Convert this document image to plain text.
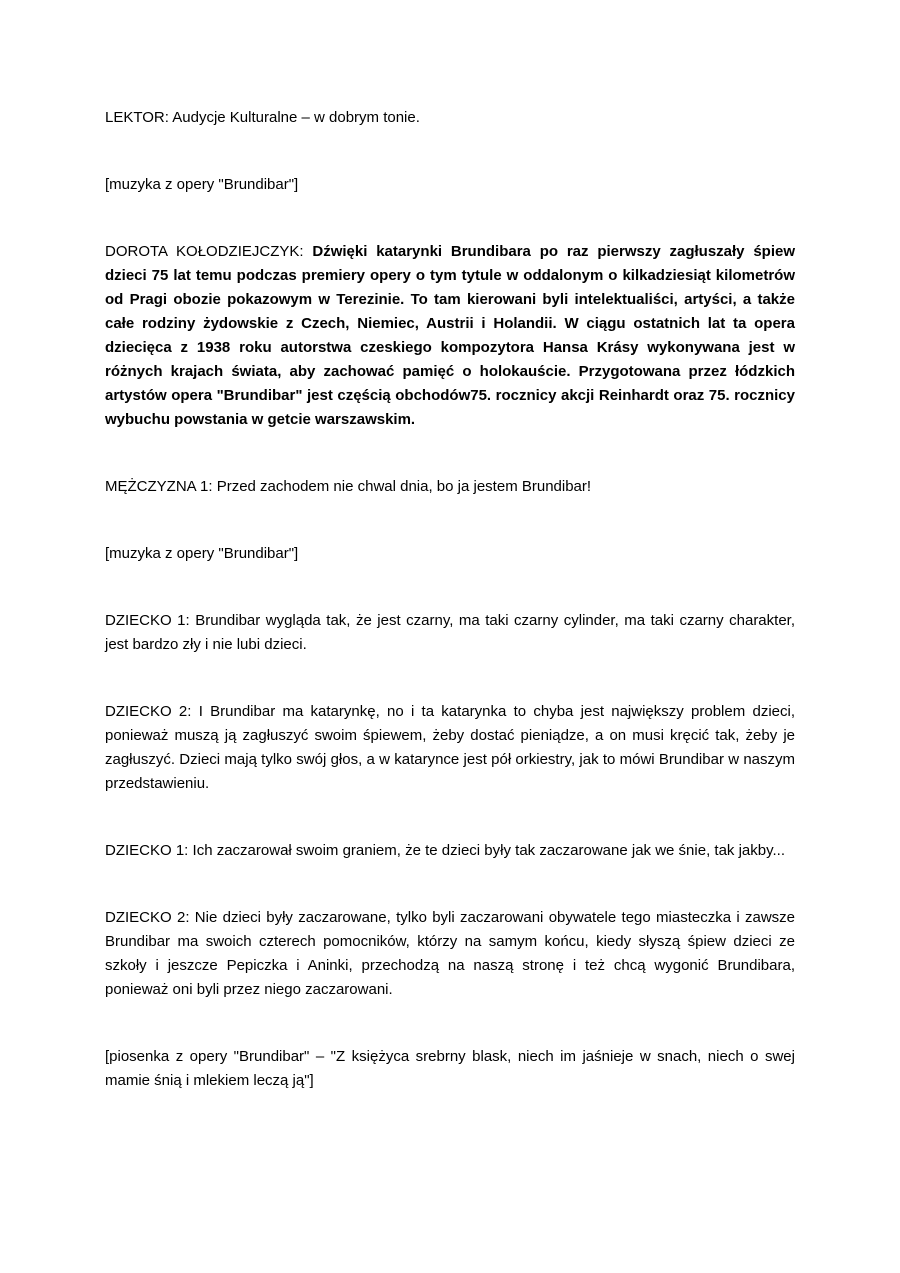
LEKTOR: Audycje Kulturalne – w dobrym tonie.

[muzyka z opery "Brundibar"]

DOROTA KOŁODZIEJCZYK: Dźwięki katarynki Brundibara po raz pierwszy zagłuszały śpiew dzieci 75 lat temu podczas premiery opery o tym tytule w oddalonym o kilkadziesiąt kilometrów od Pragi obozie pokazowym w Terezinie. To tam kierowani byli intelektualiści, artyści, a także całe rodziny żydowskie z Czech, Niemiec, Austrii i Holandii. W ciągu ostatnich lat ta opera dziecięca z 1938 roku autorstwa czeskiego kompozytora Hansa Krásy wykonywana jest w różnych krajach świata, aby zachować pamięć o holokauście. Przygotowana przez łódzkich artystów opera "Brundibar" jest częścią obchodów75. rocznicy akcji Reinhardt oraz 75. rocznicy wybuchu powstania w getcie warszawskim.

MĘŻCZYZNA 1: Przed zachodem nie chwal dnia, bo ja jestem Brundibar!

[muzyka z opery "Brundibar"]

DZIECKO 1: Brundibar wygląda tak, że jest czarny, ma taki czarny cylinder, ma taki czarny charakter, jest bardzo zły i nie lubi dzieci.

DZIECKO 2: I Brundibar ma katarynkę, no i ta katarynka to chyba jest największy problem dzieci, ponieważ muszą ją zagłuszyć swoim śpiewem, żeby dostać pieniądze, a on musi kręcić tak, żeby je zagłuszyć. Dzieci mają tylko swój głos, a w katarynce jest pół orkiestry, jak to mówi Brundibar w naszym przedstawieniu.

DZIECKO 1: Ich zaczarował swoim graniem, że te dzieci były tak zaczarowane jak we śnie, tak jakby...

DZIECKO 2: Nie dzieci były zaczarowane, tylko byli zaczarowani obywatele tego miasteczka i zawsze Brundibar ma swoich czterech pomocników, którzy na samym końcu, kiedy słyszą śpiew dzieci ze szkoły i jeszcze Pepiczka i Aninki, przechodzą na naszą stronę i też chcą wygonić Brundibara, ponieważ oni byli przez niego zaczarowani.

[piosenka z opery "Brundibar" – "Z księżyca srebrny blask, niech im jaśnieje w snach, niech o swej mamie śnią i mlekiem leczą ją"]
